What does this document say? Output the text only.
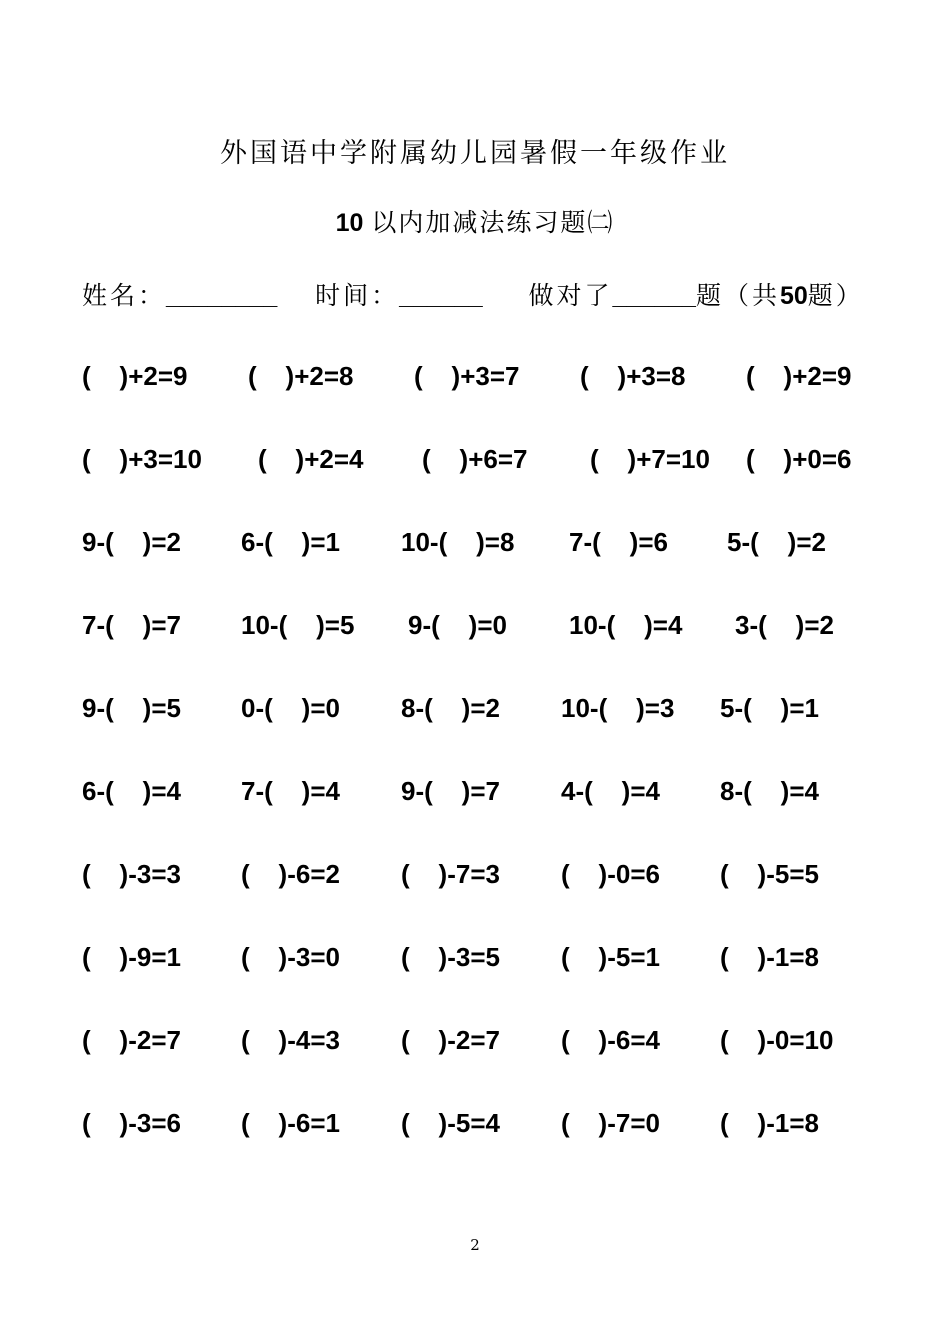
外国语中学附属幼儿园暑假一年级作业
10 以内加减法练习题㈡
姓名：________ 时间：______ 做对了______题（共50题）
(    )+2=9 (    )+2=8 (    )+3=7 (    )+3=8 (    )+2=9
(    )+3=10 (    )+2=4 (    )+6=7 (    )+7=10 (    )+0=6
9-(    )=2 6-(    )=1 10-(    )=8 7-(    )=6 5-(    )=2
7-(    )=7 10-(    )=5 9-(    )=0 10-(    )=4 3-(    )=2
9-(    )=5 0-(    )=0 8-(    )=2 10-(    )=3 5-(    )=1
6-(    )=4 7-(    )=4 9-(    )=7 4-(    )=4 8-(    )=4
(    )-3=3 (    )-6=2 (    )-7=3 (    )-0=6 (    )-5=5
(    )-9=1 (    )-3=0 (    )-3=5 (    )-5=1 (    )-1=8
(    )-2=7 (    )-4=3 (    )-2=7 (    )-6=4 (    )-0=10
(    )-3=6 (    )-6=1 (    )-5=4 (    )-7=0 (    )-1=8
2
